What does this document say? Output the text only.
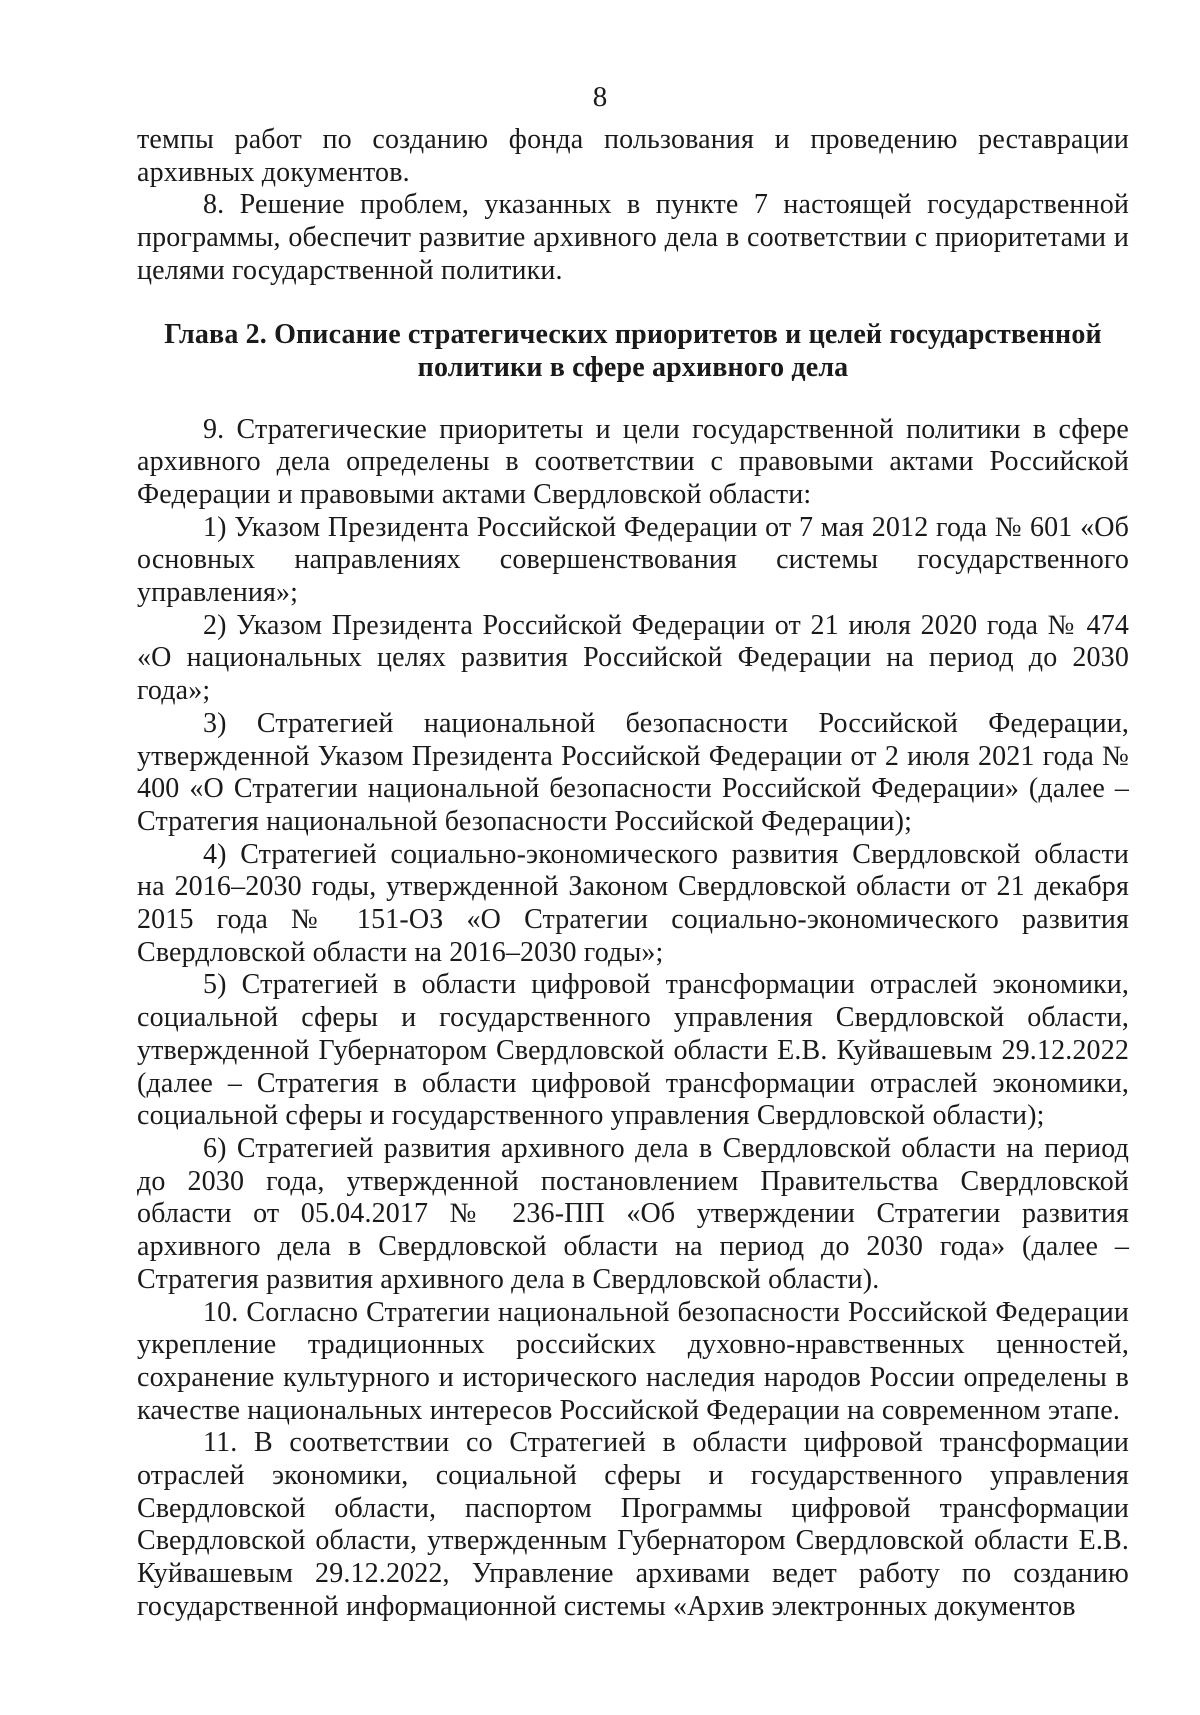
8

темпы работ по созданию фонда пользования и проведению реставрации архивных документов.

8. Решение проблем, указанных в пункте 7 настоящей государственной программы, обеспечит развитие архивного дела в соответствии с приоритетами и целями государственной политики.

Глава 2. Описание стратегических приоритетов и целей государственной политики в сфере архивного дела

9. Стратегические приоритеты и цели государственной политики в сфере архивного дела определены в соответствии с правовыми актами Российской Федерации и правовыми актами Свердловской области:

1) Указом Президента Российской Федерации от 7 мая 2012 года № 601 «Об основных направлениях совершенствования системы государственного управления»;

2) Указом Президента Российской Федерации от 21 июля 2020 года № 474 «О национальных целях развития Российской Федерации на период до 2030 года»;

3) Стратегией национальной безопасности Российской Федерации, утвержденной Указом Президента Российской Федерации от 2 июля 2021 года № 400 «О Стратегии национальной безопасности Российской Федерации» (далее – Стратегия национальной безопасности Российской Федерации);

4) Стратегией социально-экономического развития Свердловской области на 2016–2030 годы, утвержденной Законом Свердловской области от 21 декабря 2015 года № 151-ОЗ «О Стратегии социально-экономического развития Свердловской области на 2016–2030 годы»;

5) Стратегией в области цифровой трансформации отраслей экономики, социальной сферы и государственного управления Свердловской области, утвержденной Губернатором Свердловской области Е.В. Куйвашевым 29.12.2022 (далее – Стратегия в области цифровой трансформации отраслей экономики, социальной сферы и государственного управления Свердловской области);

6) Стратегией развития архивного дела в Свердловской области на период до 2030 года, утвержденной постановлением Правительства Свердловской области от 05.04.2017 № 236-ПП «Об утверждении Стратегии развития архивного дела в Свердловской области на период до 2030 года» (далее – Стратегия развития архивного дела в Свердловской области).

10. Согласно Стратегии национальной безопасности Российской Федерации укрепление традиционных российских духовно-нравственных ценностей, сохранение культурного и исторического наследия народов России определены в качестве национальных интересов Российской Федерации на современном этапе.

11. В соответствии со Стратегией в области цифровой трансформации отраслей экономики, социальной сферы и государственного управления Свердловской области, паспортом Программы цифровой трансформации Свердловской области, утвержденным Губернатором Свердловской области Е.В. Куйвашевым 29.12.2022, Управление архивами ведет работу по созданию государственной информационной системы «Архив электронных документов
